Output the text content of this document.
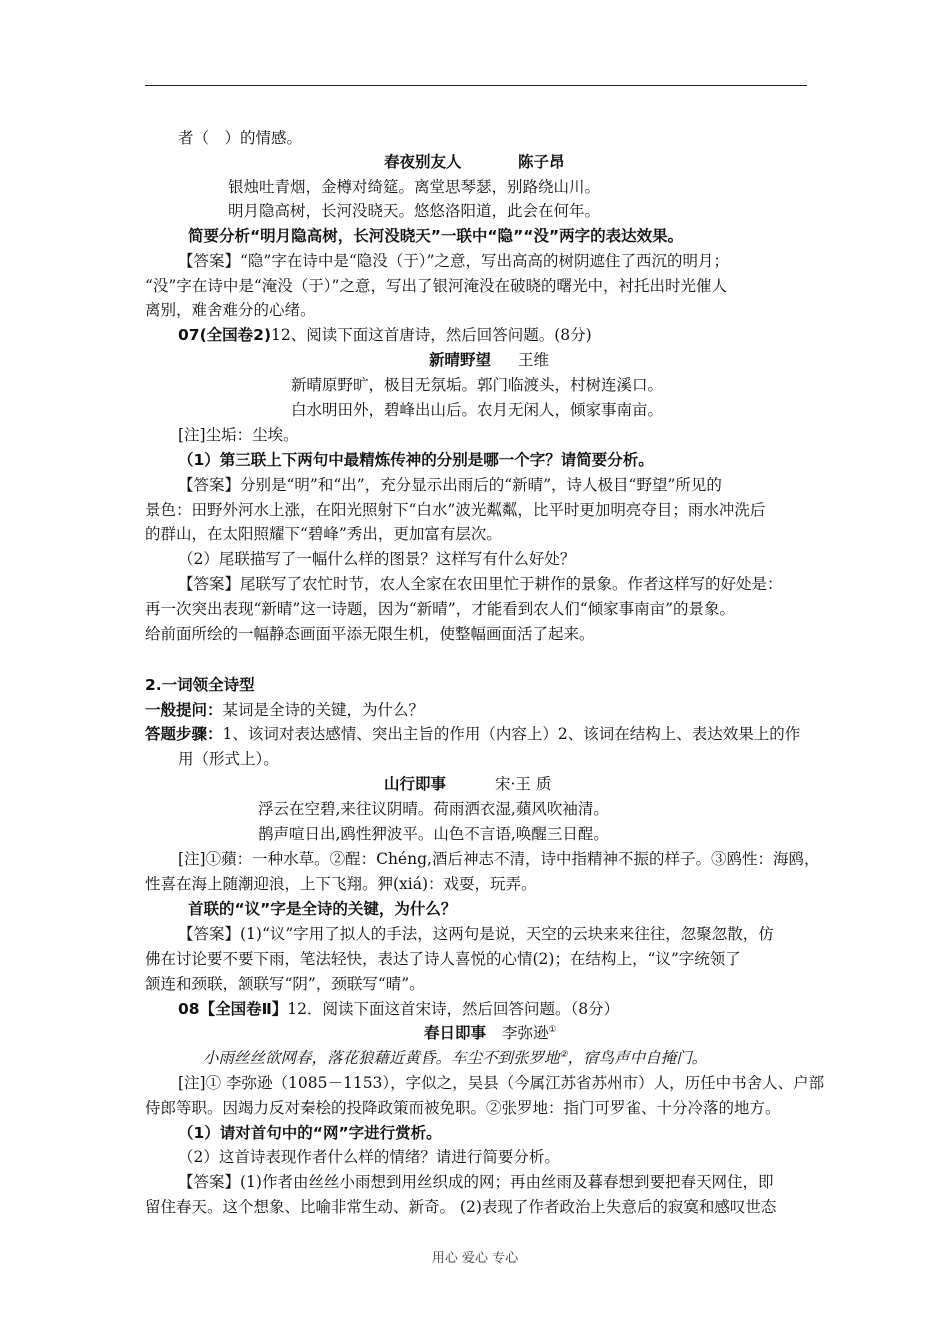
者（　）的情感。
春夜别友人	陈子昂
银烛吐青烟，金樽对绮筵。离堂思琴瑟，别路绕山川。
明月隐高树，长河没晓天。悠悠洛阳道，此会在何年。
简要分析“明月隐高树，长河没晓天”一联中“隐”“没”两字的表达效果。
【答案】“隐”字在诗中是“隐没（于）”之意，写出高高的树阴遮住了西沉的明月；
“没”字在诗中是“淹没（于）”之意，写出了银河淹没在破晓的曙光中，衬托出时光催人
离别，难舍难分的心绪。
07(全国卷2)12、阅读下面这首唐诗，然后回答问题。(8分)
新晴野望 王维
新晴原野旷，极目无氛垢。郭门临渡头，村树连溪口。
白水明田外，碧峰出山后。农月无闲人，倾家事南亩。
[注]尘垢：尘埃。
（1）第三联上下两句中最精炼传神的分别是哪一个字？请简要分析。
【答案】分别是“明”和“出”，充分显示出雨后的“新晴”，诗人极目“野望”所见的
景色：田野外河水上涨，在阳光照射下“白水”波光粼粼，比平时更加明亮夺目；雨水冲洗后
的群山，在太阳照耀下“碧峰”秀出，更加富有层次。
（2）尾联描写了一幅什么样的图景？这样写有什么好处？
【答案】尾联写了农忙时节，农人全家在农田里忙于耕作的景象。作者这样写的好处是：
再一次突出表现“新晴”这一诗题，因为“新晴”，才能看到农人们“倾家事南亩”的景象。
给前面所绘的一幅静态画面平添无限生机，使整幅画面活了起来。
2.一词领全诗型
一般提问：某词是全诗的关键，为什么？
答题步骤：1、该词对表达感情、突出主旨的作用（内容上）2、该词在结构上、表达效果上的作
用（形式上）。
山行即事	宋·王 质
浮云在空碧,来往议阴晴。荷雨洒衣湿,蘋风吹袖清。
鹊声喧日出,鸥性狎波平。山色不言语,唤醒三日酲。
[注]①蘋：一种水草。②酲：Chéng,酒后神志不清，诗中指精神不振的样子。③鸥性：海鸥，
性喜在海上随潮迎浪，上下飞翔。狎(xiá)：戏耍，玩弄。
首联的“议”字是全诗的关键，为什么？
【答案】(1)“议”字用了拟人的手法，这两句是说，天空的云块来来往往，忽聚忽散，仿
佛在讨论要不要下雨，笔法轻快，表达了诗人喜悦的心情(2)；在结构上，“议”字统领了
颔连和颈联，颔联写“阴”，颈联写“晴”。
08【全国卷Ⅱ】12．阅读下面这首宋诗，然后回答问题。（8分）
春日即事 李弥逊①
小雨丝丝欲网春，落花狼藉近黄昏。车尘不到张罗地②，宿鸟声中自掩门。
[注]① 李弥逊（1085－1153），字似之，吴县（今属江苏省苏州市）人，历任中书舍人、户部
侍郎等职。因竭力反对秦桧的投降政策而被免职。②张罗地：指门可罗雀、十分冷落的地方。
（1）请对首句中的“网”字进行赏析。
（2）这首诗表现作者什么样的情绪？请进行简要分析。
【答案】(1)作者由丝丝小雨想到用丝织成的网；再由丝雨及暮春想到要把春天网住，即
留住春天。这个想象、比喻非常生动、新奇。 (2)表现了作者政治上失意后的寂寞和感叹世态
用心 爱心 专心
